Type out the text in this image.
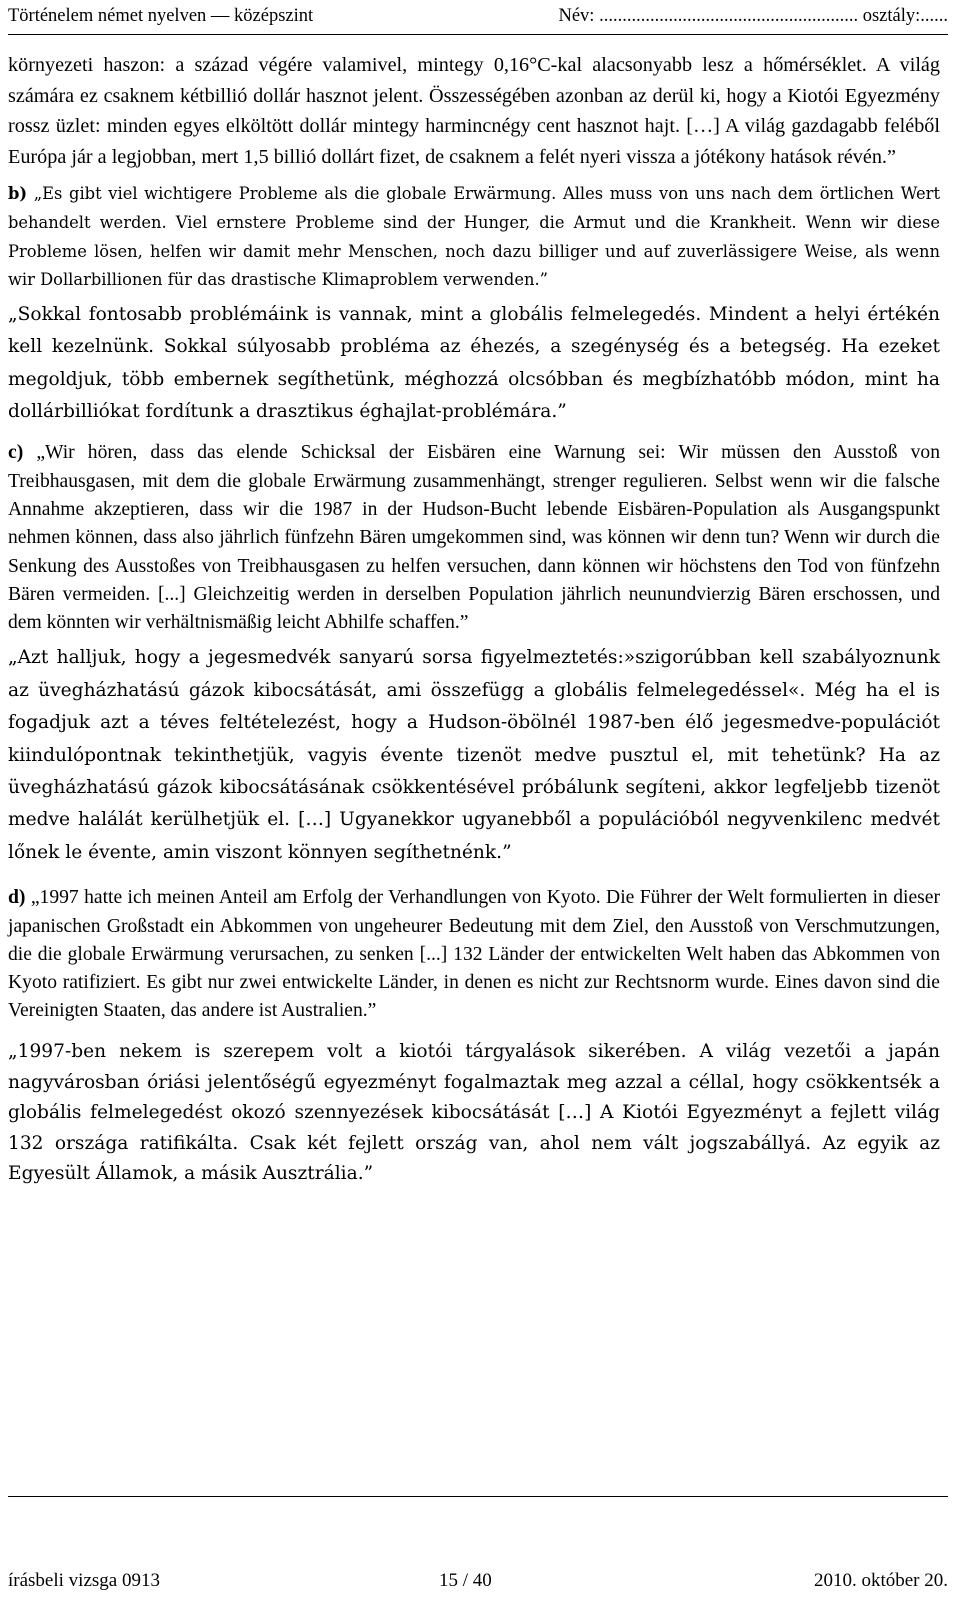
Történelem német nyelven — középszint	Név: ........................................................ osztály:......

környezeti haszon: a század végére valamivel, mintegy 0,16°C-kal alacsonyabb lesz a hőmérséklet. A világ számára ez csaknem kétbillió dollár hasznot jelent. Összességében azonban az derül ki, hogy a Kiotói Egyezmény rossz üzlet: minden egyes elköltött dollár mintegy harmincnégy cent hasznot hajt. […] A világ gazdagabb feléből Európa jár a legjobban, mert 1,5 billió dollárt fizet, de csaknem a felét nyeri vissza a jótékony hatások révén.”

b) „Es gibt viel wichtigere Probleme als die globale Erwärmung. Alles muss von uns nach dem örtlichen Wert behandelt werden. Viel ernstere Probleme sind der Hunger, die Armut und die Krankheit. Wenn wir diese Probleme lösen, helfen wir damit mehr Menschen, noch dazu billiger und auf zuverlässigere Weise, als wenn wir Dollarbillionen für das drastische Klimaproblem verwenden.”

„Sokkal fontosabb problémáink is vannak, mint a globális felmelegedés. Mindent a helyi értékén kell kezelnünk. Sokkal súlyosabb probléma az éhezés, a szegénység és a betegség. Ha ezeket megoldjuk, több embernek segíthetünk, méghozzá olcsóbban és megbízhatóbb módon, mint ha dollárbilliókat fordítunk a drasztikus éghajlat-problémára.”

c) „Wir hören, dass das elende Schicksal der Eisbären eine Warnung sei: Wir müssen den Ausstoß von Treibhausgasen, mit dem die globale Erwärmung zusammenhängt, strenger regulieren. Selbst wenn wir die falsche Annahme akzeptieren, dass wir die 1987 in der Hudson-Bucht lebende Eisbären-Population als Ausgangspunkt nehmen können, dass also jährlich fünfzehn Bären umgekommen sind, was können wir denn tun? Wenn wir durch die Senkung des Ausstoßes von Treibhausgasen zu helfen versuchen, dann können wir höchstens den Tod von fünfzehn Bären vermeiden. [...] Gleichzeitig werden in derselben Population jährlich neunundvierzig Bären erschossen, und dem könnten wir verhältnismäßig leicht Abhilfe schaffen.”

„Azt halljuk, hogy a jegesmedvék sanyarú sorsa figyelmeztetés:»szigorúbban kell szabályoznunk az üvegházhatású gázok kibocsátását, ami összefügg a globális felmelegedéssel«. Még ha el is fogadjuk azt a téves feltételezést, hogy a Hudson-öbölnél 1987-ben élő jegesmedve-populációt kiindulópontnak tekinthetjük, vagyis évente tizenöt medve pusztul el, mit tehetünk? Ha az üvegházhatású gázok kibocsátásának csökkentésével próbálunk segíteni, akkor legfeljebb tizenöt medve halálát kerülhetjük el. […] Ugyanekkor ugyanebből a populációból negyvenkilenc medvét lőnek le évente, amin viszont könnyen segíthetnénk.”

d) „1997 hatte ich meinen Anteil am Erfolg der Verhandlungen von Kyoto. Die Führer der Welt formulierten in dieser japanischen Großstadt ein Abkommen von ungeheurer Bedeutung mit dem Ziel, den Ausstoß von Verschmutzungen, die die globale Erwärmung verursachen, zu senken [...] 132 Länder der entwickelten Welt haben das Abkommen von Kyoto ratifiziert. Es gibt nur zwei entwickelte Länder, in denen es nicht zur Rechtsnorm wurde. Eines davon sind die Vereinigten Staaten, das andere ist Australien.”

„1997-ben nekem is szerepem volt a kiotói tárgyalások sikerében. A világ vezetői a japán nagyvárosban óriási jelentőségű egyezményt fogalmaztak meg azzal a céllal, hogy csökkentsék a globális felmelegedést okozó szennyezések kibocsátását […] A Kiotói Egyezményt a fejlett világ 132 országa ratifikálta. Csak két fejlett ország van, ahol nem vált jogszabállyá. Az egyik az Egyesült Államok, a másik Ausztrália.”

írásbeli vizsga 0913	15 / 40	2010. október 20.
